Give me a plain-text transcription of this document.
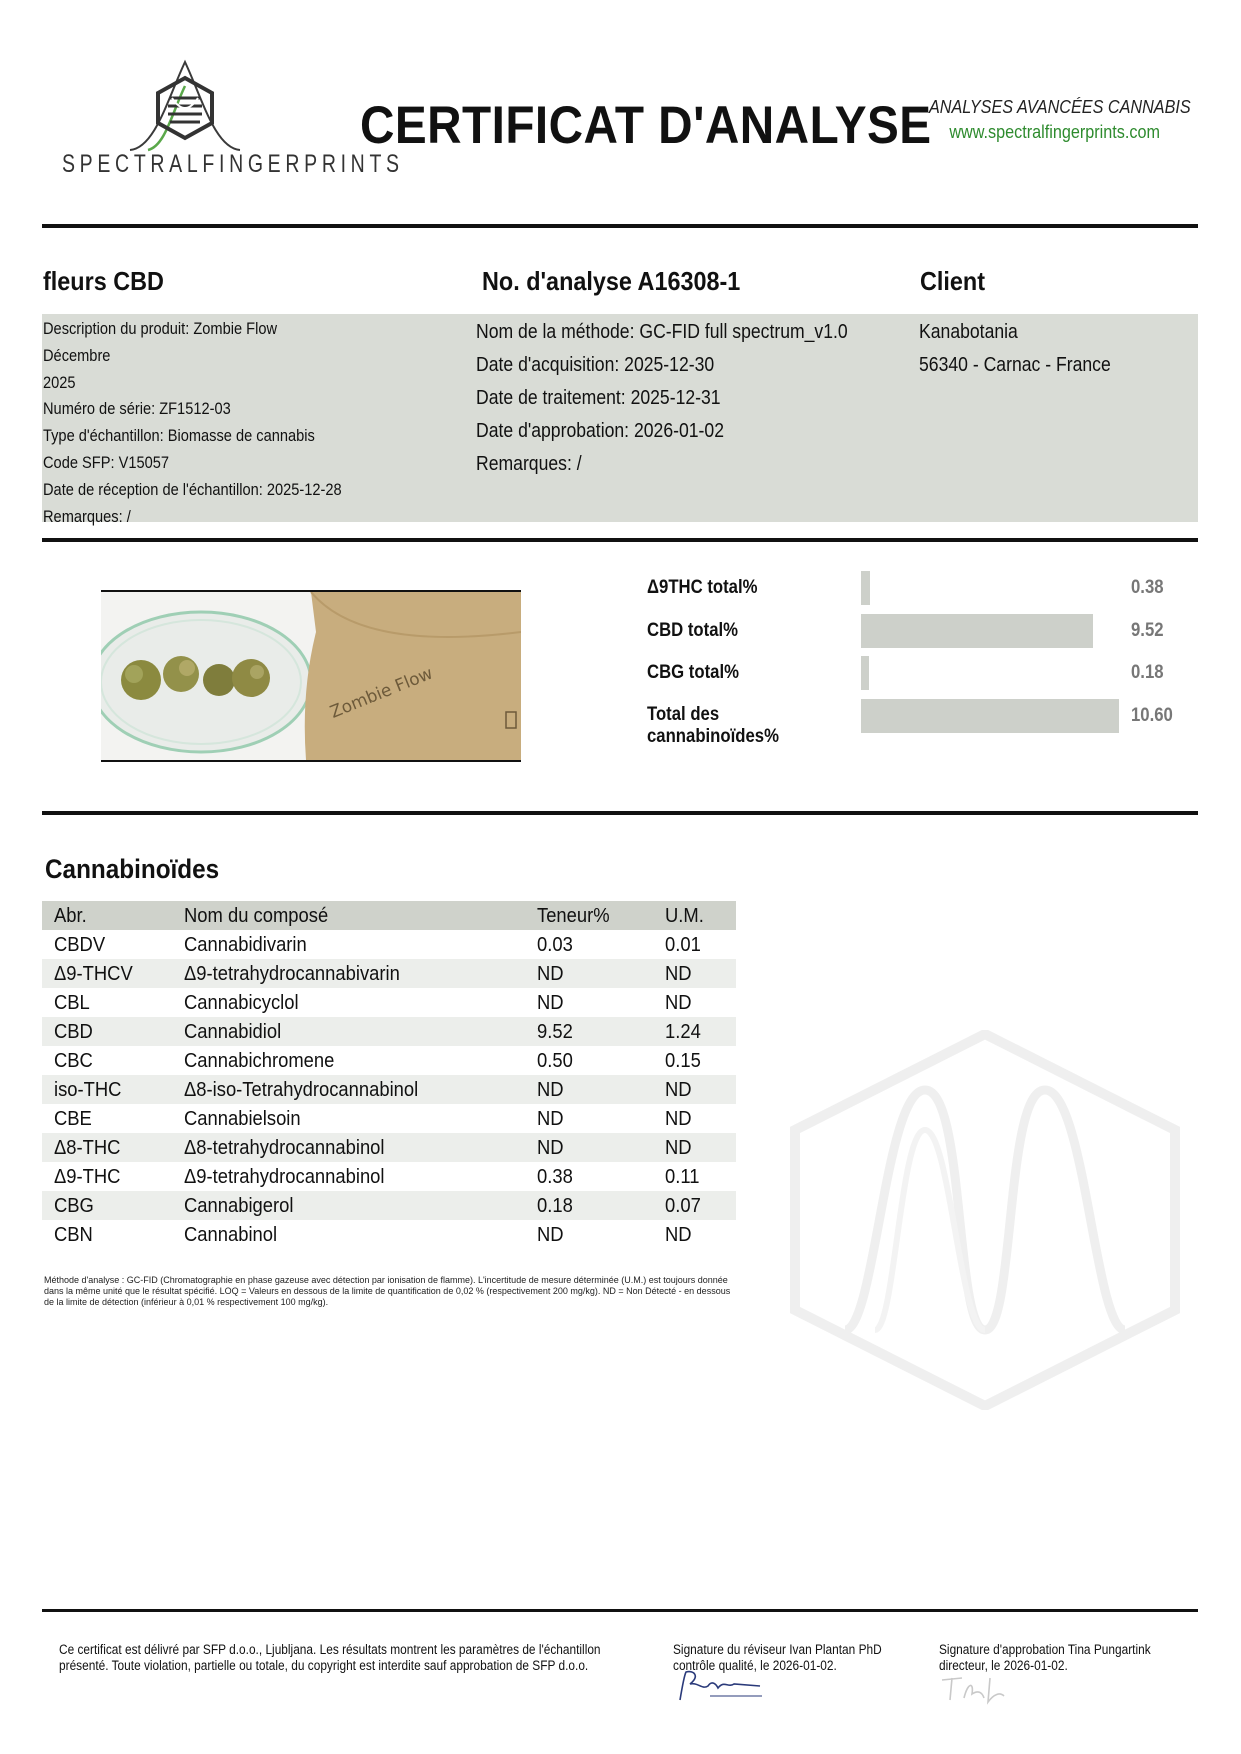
SPECTRALFINGERPRINTS
CERTIFICAT D'ANALYSE
ANALYSES AVANCÉES CANNABIS
www.spectralfingerprints.com
fleurs CBD	No. d'analyse A16308-1	Client
Description du produit: Zombie Flow
Décembre
2025
Numéro de série: ZF1512-03
Type d'échantillon: Biomasse de cannabis
Code SFP: V15057
Date de réception de l'échantillon: 2025-12-28
Remarques: /
Nom de la méthode: GC-FID full spectrum_v1.0
Date d'acquisition: 2025-12-30
Date de traitement: 2025-12-31
Date d'approbation: 2026-01-02
Remarques: /
Kanabotania
56340 - Carnac - France
Zombie Flow
Δ9THC total%	0.38
CBD total%	9.52
CBG total%	0.18
Total des cannabinoïdes%
10.60
Cannabinoïdes
Abr.	Nom du composé	Teneur%	U.M.
CBDV	Cannabidivarin	0.03	0.01
Δ9-THCV	Δ9-tetrahydrocannabivarin	ND	ND
CBL	Cannabicyclol	ND	ND
CBD	Cannabidiol	9.52	1.24
CBC	Cannabichromene	0.50	0.15
iso-THC	Δ8-iso-Tetrahydrocannabinol	ND	ND
CBE	Cannabielsoin	ND	ND
Δ8-THC	Δ8-tetrahydrocannabinol	ND	ND
Δ9-THC	Δ9-tetrahydrocannabinol	0.38	0.11
CBG	Cannabigerol	0.18	0.07
CBN	Cannabinol	ND	ND
Méthode d'analyse : GC-FID (Chromatographie en phase gazeuse avec détection par ionisation de flamme). L'incertitude de mesure déterminée (U.M.) est toujours donnée dans la même unité que le résultat spécifié. LOQ = Valeurs en dessous de la limite de quantification de 0,02 % (respectivement 200 mg/kg). ND = Non Détecté - en dessous de la limite de détection (inférieur à 0,01 % respectivement 100 mg/kg).
Ce certificat est délivré par SFP d.o.o., Ljubljana. Les résultats montrent les paramètres de l'échantillon
présenté. Toute violation, partielle ou totale, du copyright est interdite sauf approbation de SFP d.o.o.
Signature du réviseur Ivan Plantan PhD
contrôle qualité, le 2026-01-02.
Signature d'approbation Tina Pungartink
directeur, le 2026-01-02.
